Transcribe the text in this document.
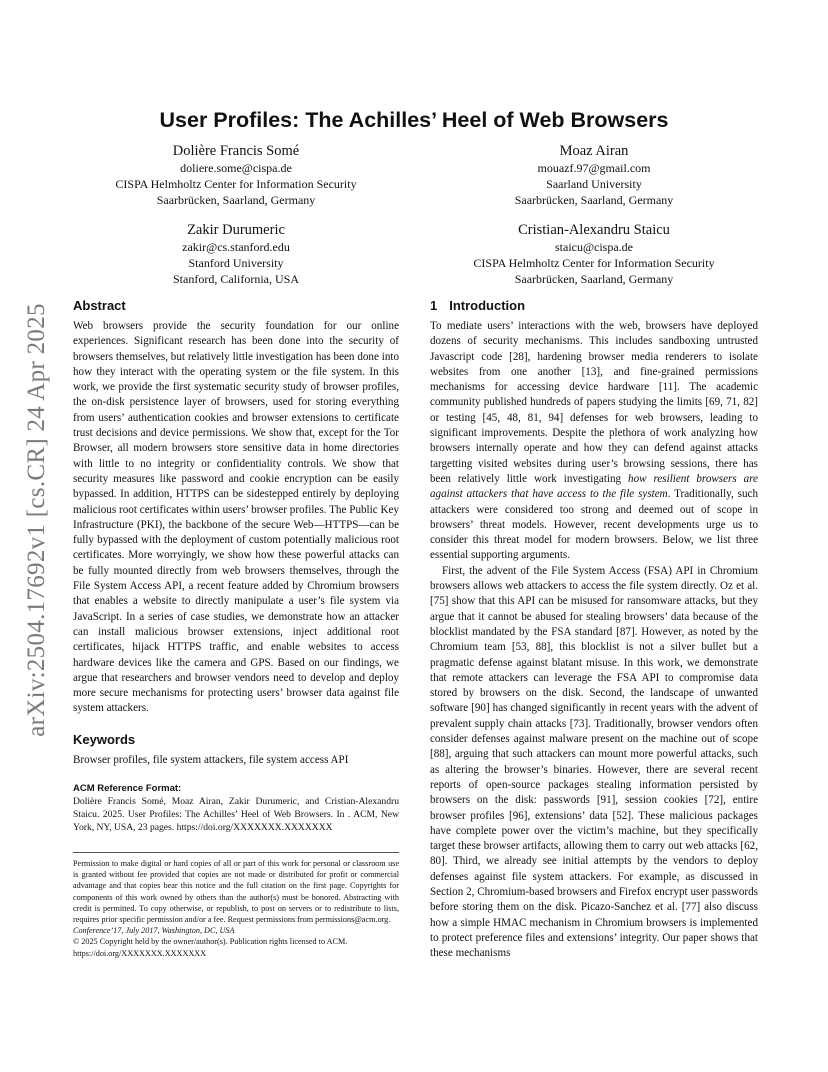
arXiv:2504.17692v1 [cs.CR] 24 Apr 2025
User Profiles: The Achilles’ Heel of Web Browsers
Dolière Francis Somé
doliere.some@cispa.de
CISPA Helmholtz Center for Information Security
Saarbrücken, Saarland, Germany
Moaz Airan
mouazf.97@gmail.com
Saarland University
Saarbrücken, Saarland, Germany
Zakir Durumeric
zakir@cs.stanford.edu
Stanford University
Stanford, California, USA
Cristian-Alexandru Staicu
staicu@cispa.de
CISPA Helmholtz Center for Information Security
Saarbrücken, Saarland, Germany
Abstract

Web browsers provide the security foundation for our online experiences. Significant research has been done into the security of browsers themselves, but relatively little investigation has been done into how they interact with the operating system or the file system. In this work, we provide the first systematic security study of browser profiles, the on-disk persistence layer of browsers, used for storing everything from users’ authentication cookies and browser extensions to certificate trust decisions and device permissions. We show that, except for the Tor Browser, all modern browsers store sensitive data in home directories with little to no integrity or confidentiality controls. We show that security measures like password and cookie encryption can be easily bypassed. In addition, HTTPS can be sidestepped entirely by deploying malicious root certificates within users’ browser profiles. The Public Key Infrastructure (PKI), the backbone of the secure Web—HTTPS—can be fully bypassed with the deployment of custom potentially malicious root certificates. More worryingly, we show how these powerful attacks can be fully mounted directly from web browsers themselves, through the File System Access API, a recent feature added by Chromium browsers that enables a website to directly manipulate a user’s file system via JavaScript. In a series of case studies, we demonstrate how an attacker can install malicious browser extensions, inject additional root certificates, hijack HTTPS traffic, and enable websites to access hardware devices like the camera and GPS. Based on our findings, we argue that researchers and browser vendors need to develop and deploy more secure mechanisms for protecting users’ browser data against file system attackers.

Keywords

Browser profiles, file system attackers, file system access API

ACM Reference Format:
Dolière Francis Somé, Moaz Airan, Zakir Durumeric, and Cristian-Alexandru Staicu. 2025. User Profiles: The Achilles’ Heel of Web Browsers. In . ACM, New York, NY, USA, 23 pages. https://doi.org/XXXXXXX.XXXXXXX
Permission to make digital or hard copies of all or part of this work for personal or classroom use is granted without fee provided that copies are not made or distributed for profit or commercial advantage and that copies bear this notice and the full citation on the first page. Copyrights for components of this work owned by others than the author(s) must be honored. Abstracting with credit is permitted. To copy otherwise, or republish, to post on servers or to redistribute to lists, requires prior specific permission and/or a fee. Request permissions from permissions@acm.org.
Conference’17, July 2017, Washington, DC, USA
© 2025 Copyright held by the owner/author(s). Publication rights licensed to ACM.
https://doi.org/XXXXXXX.XXXXXXX
1 Introduction

To mediate users’ interactions with the web, browsers have deployed dozens of security mechanisms. This includes sandboxing untrusted Javascript code [28], hardening browser media renderers to isolate websites from one another [13], and fine-grained permissions mechanisms for accessing device hardware [11]. The academic community published hundreds of papers studying the limits [69, 71, 82] or testing [45, 48, 81, 94] defenses for web browsers, leading to significant improvements. Despite the plethora of work analyzing how browsers internally operate and how they can defend against attacks targetting visited websites during user’s browsing sessions, there has been relatively little work investigating how resilient browsers are against attackers that have access to the file system. Traditionally, such attackers were considered too strong and deemed out of scope in browsers’ threat models. However, recent developments urge us to consider this threat model for modern browsers. Below, we list three essential supporting arguments.

First, the advent of the File System Access (FSA) API in Chromium browsers allows web attackers to access the file system directly. Oz et al. [75] show that this API can be misused for ransomware attacks, but they argue that it cannot be abused for stealing browsers’ data because of the blocklist mandated by the FSA standard [87]. However, as noted by the Chromium team [53, 88], this blocklist is not a silver bullet but a pragmatic defense against blatant misuse. In this work, we demonstrate that remote attackers can leverage the FSA API to compromise data stored by browsers on the disk. Second, the landscape of unwanted software [90] has changed significantly in recent years with the advent of prevalent supply chain attacks [73]. Traditionally, browser vendors often consider defenses against malware present on the machine out of scope [88], arguing that such attackers can mount more powerful attacks, such as altering the browser’s binaries. However, there are several recent reports of open-source packages stealing information persisted by browsers on the disk: passwords [91], session cookies [72], entire browser profiles [96], extensions’ data [52]. These malicious packages have complete power over the victim’s machine, but they specifically target these browser artifacts, allowing them to carry out web attacks [62, 80]. Third, we already see initial attempts by the vendors to deploy defenses against file system attackers. For example, as discussed in Section 2, Chromium-based browsers and Firefox encrypt user passwords before storing them on the disk. Picazo-Sanchez et al. [77] also discuss how a simple HMAC mechanism in Chromium browsers is implemented to protect preference files and extensions’ integrity. Our paper shows that these mechanisms
